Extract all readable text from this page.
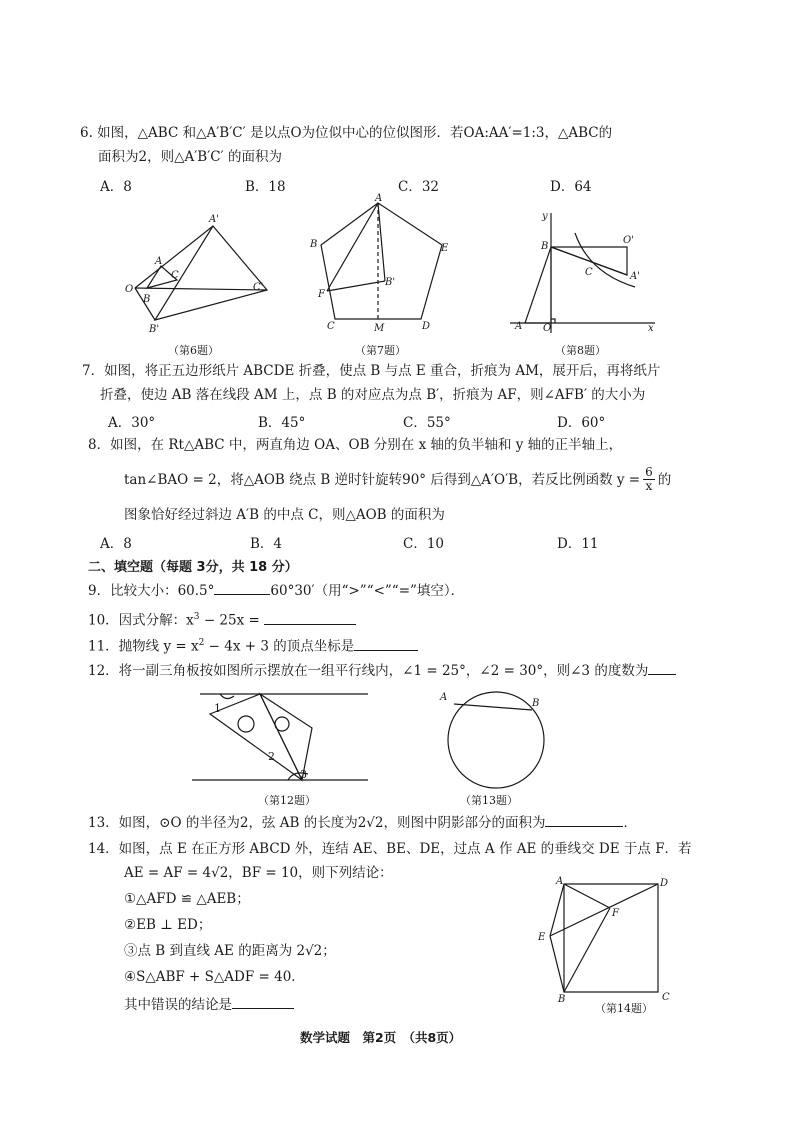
6. 如图，△ABC 和△A′B′C′ 是以点O为位似中心的位似图形．若OA:AA′=1:3，△ABC的
面积为2，则△A′B′C′ 的面积为
A．8	B．18	C．32	D．64
A'
A
O
C
B
C'
B'
（第6题）
A
B	E
F
B'
C	M	D
（第7题）
y
B
O'
C	A'
A O	x
（第8题）
7．如图，将正五边形纸片 ABCDE 折叠，使点 B 与点 E 重合，折痕为 AM，展开后，再将纸片
折叠，使边 AB 落在线段 AM 上，点 B 的对应点为点 B′，折痕为 AF，则∠AFB′ 的大小为
A．30°	B．45°	C．55°	D．60°
8．如图，在 Rt△ABC 中，两直角边 OA、OB 分别在 x 轴的负半轴和 y 轴的正半轴上，
tan∠BAO = 2，将△AOB 绕点 B 逆时针旋转90° 后得到△A′O′B，若反比例函数 $y = \frac{6}{x}$ 的
图象恰好经过斜边 A′B 的中点 C，则△AOB 的面积为
A．8	B．4	C．10	D．11
二、填空题（每题 3分，共 18 分）
9．比较大小：60.5°	60°30′（用“>”“<”“=”填空）．
10．因式分解：$x^3 - 25x$ =
11．抛物线 $y = x^2 - 4x + 3$ 的顶点坐标是
12．将一副三角板按如图所示摆放在一组平行线内，∠1 = 25°，∠2 = 30°，则∠3 的度数为
1
2
3
（第12题）
A
B
（第13题）
13．如图，⊙O 的半径为2，弦 AB 的长度为2√2，则图中阴影部分的面积为	．
14．如图，点 E 在正方形 ABCD 外，连结 AE、BE、DE，过点 A 作 AE 的垂线交 DE 于点 F．若
AE = AF = 4√2，BF = 10，则下列结论：
①△AFD ≌ △AEB；
②EB ⊥ ED；
③点 B 到直线 AE 的距离为 2√2；
④S△ABF + S△ADF = 40．
其中错误的结论是
A	D
F
E
B	C
（第14题）
数学试题　第2页　（共8页）
